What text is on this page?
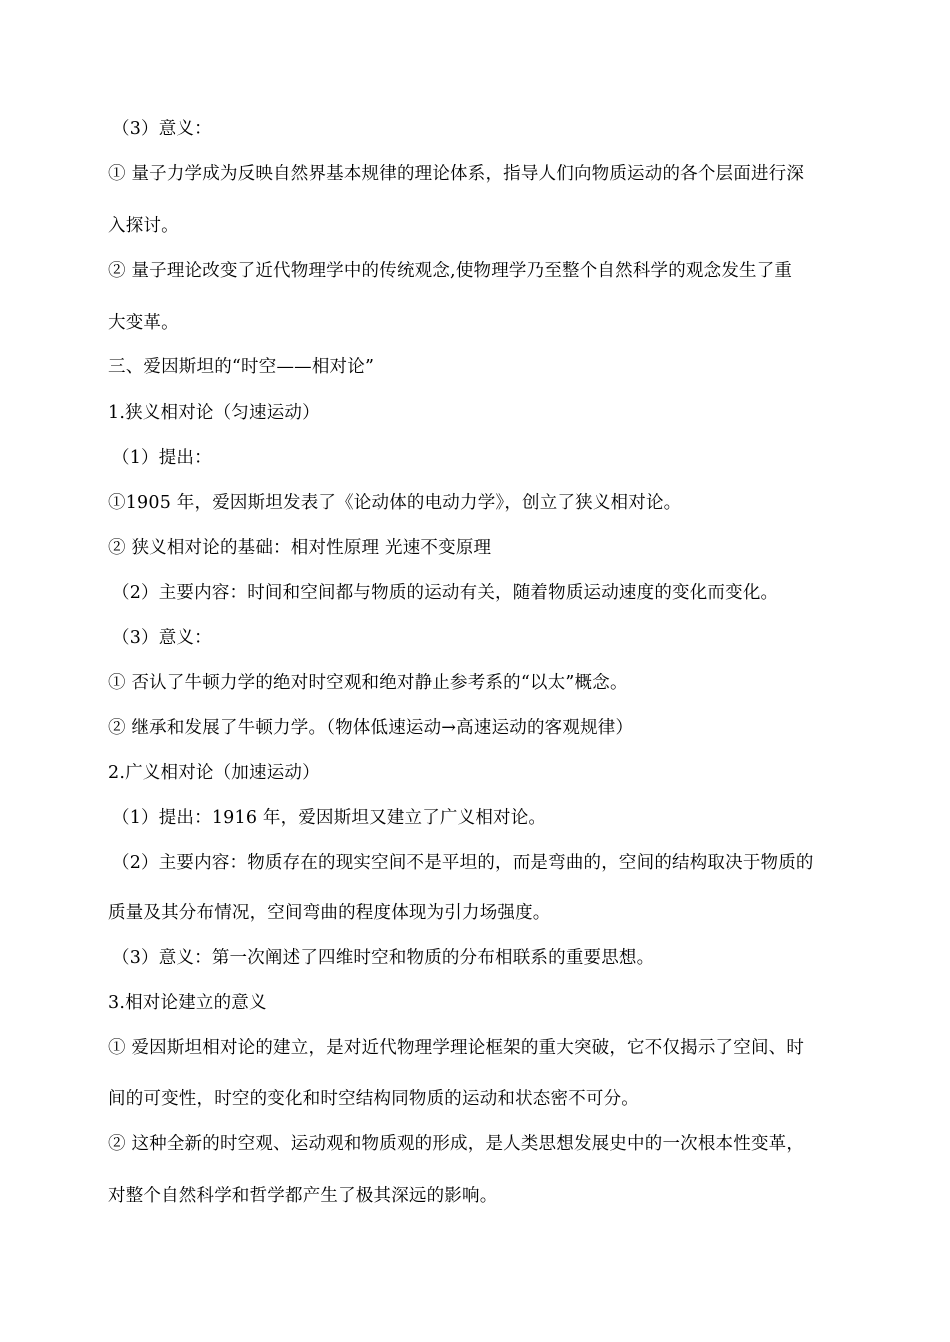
（3）意义：
① 量子力学成为反映自然界基本规律的理论体系，指导人们向物质运动的各个层面进行深
入探讨。
② 量子理论改变了近代物理学中的传统观念,使物理学乃至整个自然科学的观念发生了重
大变革。
三、爱因斯坦的“时空——相对论”
1.狭义相对论（匀速运动）
（1）提出：
①1905 年，爱因斯坦发表了《论动体的电动力学》，创立了狭义相对论。
② 狭义相对论的基础：相对性原理 光速不变原理
（2）主要内容：时间和空间都与物质的运动有关，随着物质运动速度的变化而变化。
（3）意义：
① 否认了牛顿力学的绝对时空观和绝对静止参考系的“以太”概念。
② 继承和发展了牛顿力学。（物体低速运动→高速运动的客观规律）
2.广义相对论（加速运动）
（1）提出：1916 年，爱因斯坦又建立了广义相对论。
（2）主要内容：物质存在的现实空间不是平坦的，而是弯曲的，空间的结构取决于物质的
质量及其分布情况，空间弯曲的程度体现为引力场强度。
（3）意义：第一次阐述了四维时空和物质的分布相联系的重要思想。
3.相对论建立的意义
① 爱因斯坦相对论的建立，是对近代物理学理论框架的重大突破，它不仅揭示了空间、时
间的可变性，时空的变化和时空结构同物质的运动和状态密不可分。
② 这种全新的时空观、运动观和物质观的形成，是人类思想发展史中的一次根本性变革，
对整个自然科学和哲学都产生了极其深远的影响。
